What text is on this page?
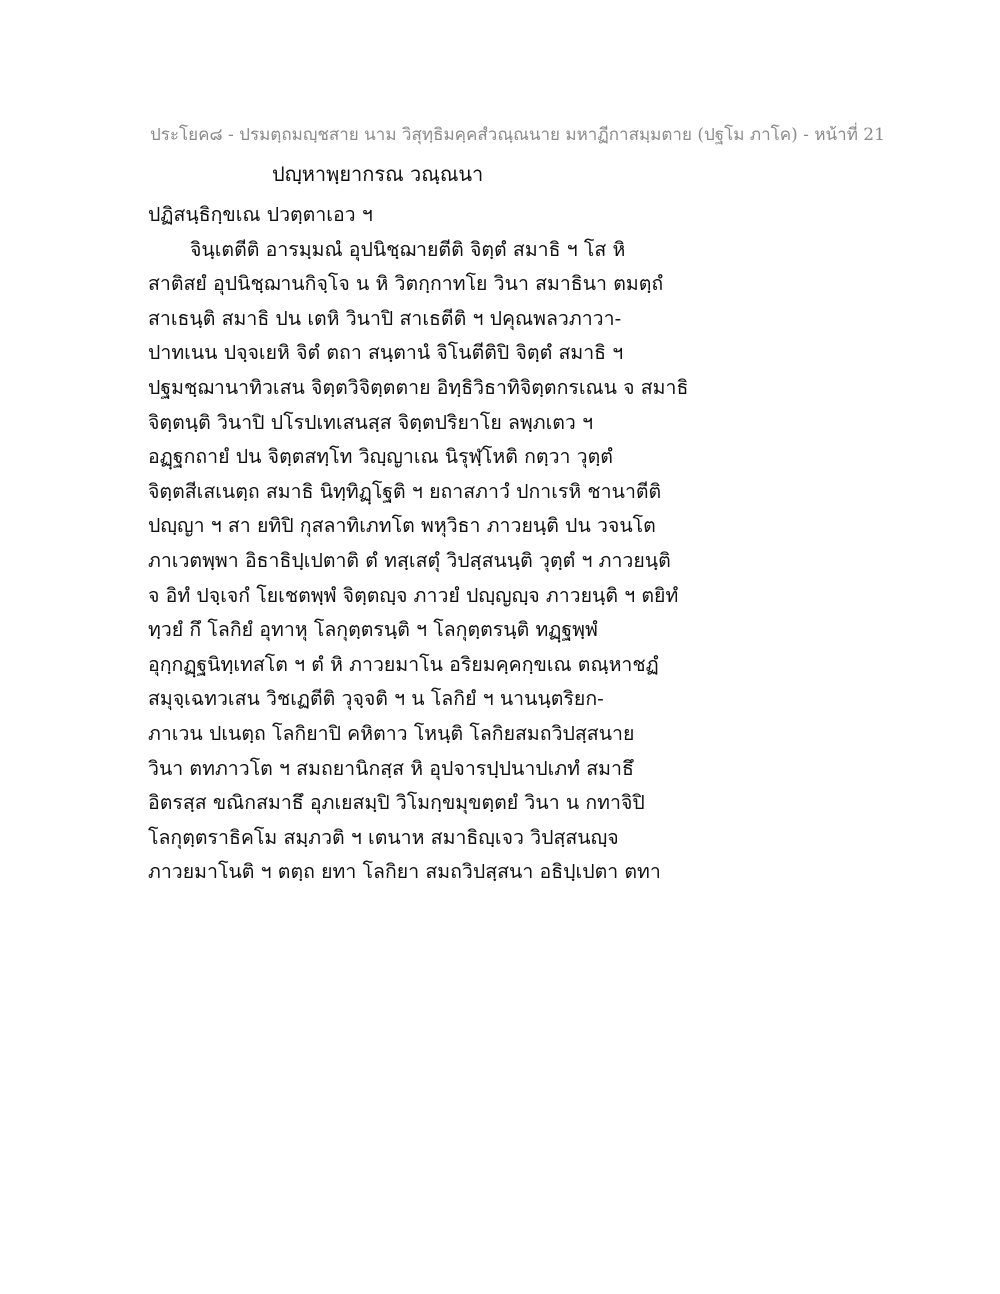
ประโยค๘ - ปรมตฺถมญฺชสาย นาม วิสุทฺธิมคฺคสํวณฺณนาย มหาฏีกาสมฺมตาย (ปฐโม ภาโค) - หน้าที่ 21
ปญฺหาพฺยากรณ วณฺณนา
ปฏิสนฺธิกฺขเณ ปวตฺตาเอว ฯ
จินฺเตตีติ อารมฺมณํ อุปนิชฺฌายตีติ จิตฺตํ สมาธิ ฯ โส หิ
สาติสยํ อุปนิชฺฌานกิจฺโจ น หิ วิตกฺกาทโย วินา สมาธินา ตมตฺถํ
สาเธนฺติ สมาธิ ปน เตหิ วินาปิ สาเธตีติ ฯ ปคุณพลวภาวา-
ปาทเนน ปจฺจเยหิ จิตํ ตถา สนฺตานํ จิโนตีติปิ จิตฺตํ สมาธิ ฯ
ปฐมชฺฌานาทิวเสน จิตฺตวิจิตฺตตาย อิทฺธิวิธาทิจิตฺตกรเณน จ สมาธิ
จิตฺตนฺติ วินาปิ ปโรปเทเสนสฺส จิตฺตปริยาโย ลพฺภเตว ฯ
อฏฺฐกถายํ ปน จิตฺตสทฺโท วิญฺญาเณ นิรุฬฺโหติ กตฺวา วุตฺตํ
จิตฺตสีเสเนตฺถ สมาธิ นิทฺทิฏฺโฐติ ฯ ยถาสภาวํ ปกาเรหิ ชานาตีติ
ปญฺญา ฯ สา ยทิปิ กุสลาทิเภทโต พหุวิธา ภาวยนฺติ ปน วจนโต
ภาเวตพฺพา อิธาธิปฺเปตาติ ตํ ทสฺเสตุํ วิปสฺสนนฺติ วุตฺตํ ฯ ภาวยนฺติ
จ อิทํ ปจฺเจกํ โยเชตพฺพํ จิตฺตญฺจ ภาวยํ ปญฺญญฺจ ภาวยนฺติ ฯ ตยิทํ
ทฺวยํ กึ โลกิยํ อุทาหุ โลกุตฺตรนฺติ ฯ โลกุตฺตรนฺติ ทฏฺฐพฺพํ
อุกฺกฏฺฐนิทฺเทสโต ฯ ตํ หิ ภาวยมาโน อริยมคฺคกฺขเณ ตณฺหาชฏํ
สมุจฺเฉทวเสน วิชเฏตีติ วุจฺจติ ฯ น โลกิยํ ฯ นานนฺตริยก-
ภาเวน ปเนตฺถ โลกิยาปิ คหิตาว โหนฺติ โลกิยสมถวิปสฺสนาย
วินา ตทภาวโต ฯ สมถยานิกสฺส หิ อุปจารปฺปนาปเภทํ สมาธึ
อิตรสฺส ขณิกสมาธึ อุภเยสมฺปิ วิโมกฺขมุขตฺตยํ วินา น กทาจิปิ
โลกุตฺตราธิคโม สมฺภวติ ฯ เตนาห สมาธิญฺเจว วิปสฺสนญฺจ
ภาวยมาโนติ ฯ ตตฺถ ยทา โลกิยา สมถวิปสฺสนา อธิปฺเปตา ตทา
